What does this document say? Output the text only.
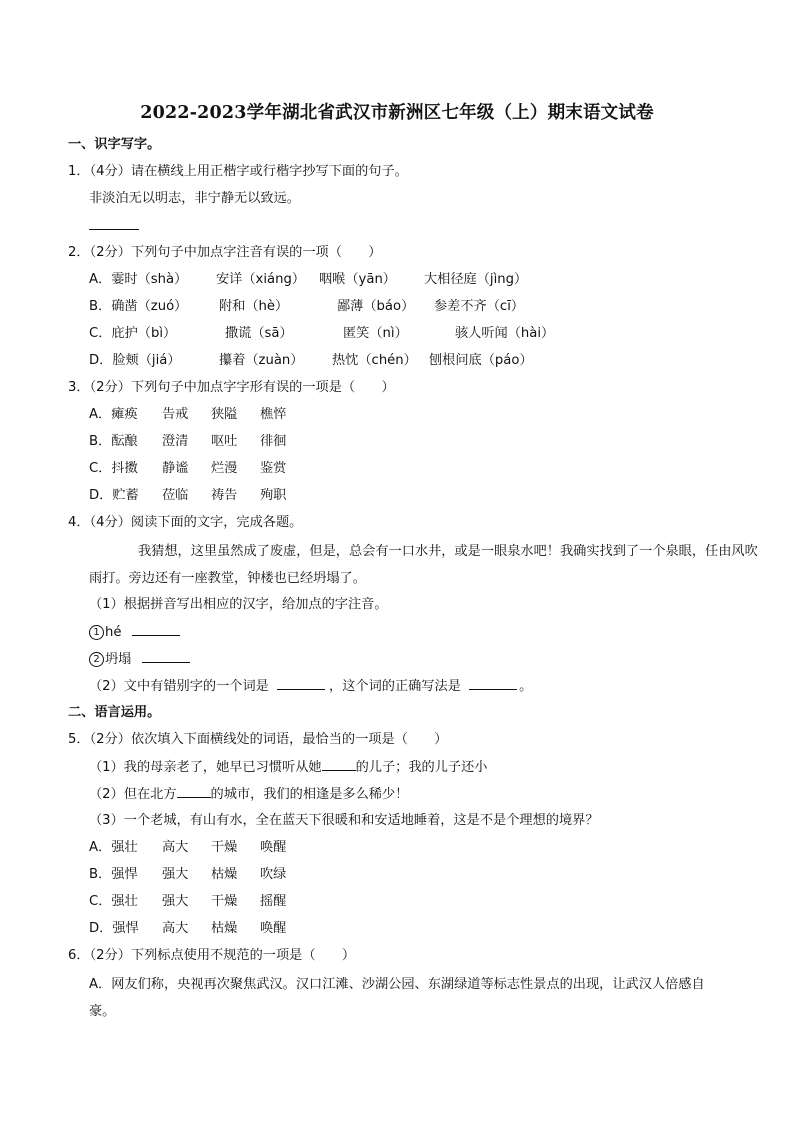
2022-2023学年湖北省武汉市新洲区七年级（上）期末语文试卷
一、识字写字。
1．（4分）请在横线上用正楷字或行楷字抄写下面的句子。
非淡泊无以明志，非宁静无以致远。
2．（2分）下列句子中加点字注音有误的一项（　　）
A．霎时（shà） 安详（xiáng） 咽喉（yān） 大相径庭（jìng）
B．确凿（zuó） 附和（hè）	鄙薄（báo） 参差不齐（cī）
C．庇护（bì）	撒谎（sā）	匿笑（nì）	骇人听闻（hài）
D．脸颊（jiá）	攥着（zuàn） 热忱（chén） 刨根问底（páo）
3．（2分）下列句子中加点字字形有误的一项是（　　）
A．瘫痪 告戒 狭隘 樵悴
B．酝酿 澄清 呕吐 徘徊
C．抖擞 静谧 烂漫 鉴赏
D．贮蓄 莅临 祷告 殉职
4．（4分）阅读下面的文字，完成各题。
我猜想，这里虽然成了废虚，但是，总会有一口水井，或是一眼泉水吧！我确实找到了一个泉眼，任由风吹雨打。旁边还有一座教堂，钟楼也已经坍塌了。
（1）根据拼音写出相应的汉字，给加点的字注音。
1 hé
2 坍塌
（2）文中有错别字的一个词是	，这个词的正确写法是	。
二、语言运用。
5．（2分）依次填入下面横线处的词语，最恰当的一项是（　　）
（1）我的母亲老了，她早已习惯听从她	的儿子；我的儿子还小
（2）但在北方	的城市，我们的相逢是多么稀少！
（3）一个老城，有山有水，全在蓝天下很暖和和安适地睡着，这是不是个理想的境界？
A．强壮 高大 干燥 唤醒
B．强悍 强大 枯燥 吹绿
C．强壮 强大 干燥 摇醒
D．强悍 高大 枯燥 唤醒
6．（2分）下列标点使用不规范的一项是（　　）
A．网友们称，央视再次聚焦武汉。汉口江滩、沙湖公园、东湖绿道等标志性景点的出现，让武汉人倍感自豪。
